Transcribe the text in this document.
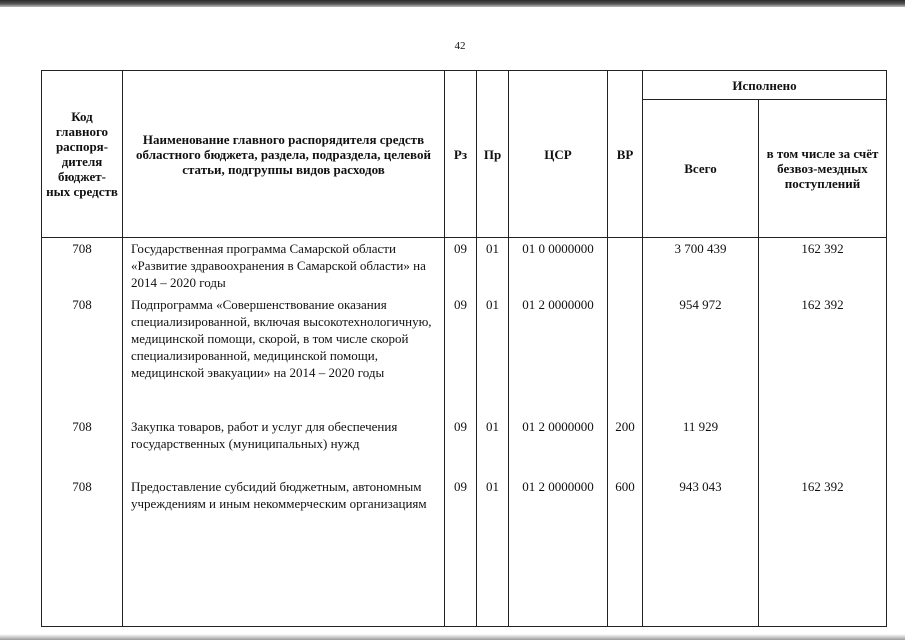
42
Код главного распоря-дителя бюджет-ных средств	Наименование главного распорядителя средств областного бюджета, раздела, подраздела, целевой статьи, подгруппы видов расходов	Рз	Пр	ЦСР	ВР	Исполнено	
						Всего	в том числе за счёт безвоз-мездных поступлений
708	Государственная программа Самарской области «Развитие здравоохранения в Самарской области» на 2014 – 2020 годы	09	01	01 0 0000000		3 700 439	162 392
708	Подпрограмма «Совершенствование оказания специализированной, включая высокотехнологичную, медицинской помощи, скорой, в том числе скорой специализированной, медицинской помощи, медицинской эвакуации» на 2014 – 2020 годы	09	01	01 2 0000000		954 972	162 392
708	Закупка товаров, работ и услуг для обеспечения государственных (муниципальных) нужд	09	01	01 2 0000000	200	11 929	
708	Предоставление субсидий бюджетным, автономным учреждениям и иным некоммерческим организациям	09	01	01 2 0000000	600	943 043	162 392
